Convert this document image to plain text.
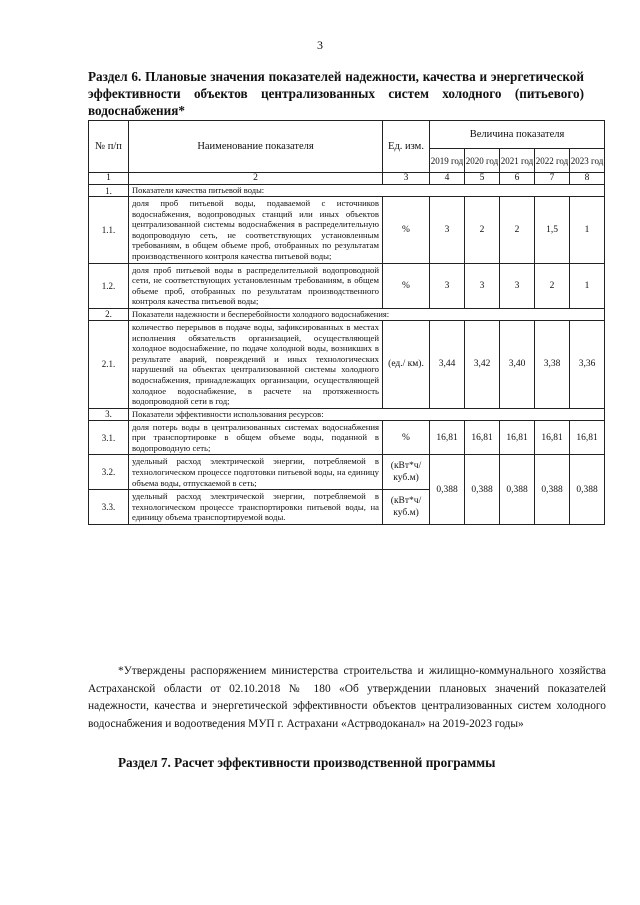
3
Раздел 6. Плановые значения показателей надежности, качества и энергетической эффективности объектов централизованных систем холодного (питьевого) водоснабжения*
№ п/п	Наименование показателя	Ед. изм.	Величина показателя				
			2019 год	2020 год	2021 год	2022 год	2023 год
1	2	3	4	5	6	7	8
1.	Показатели качества питьевой воды:						
1.1.	доля проб питьевой воды, подаваемой с источников водоснабжения, водопроводных станций или иных объектов централизованной системы водоснабжения в распределительную водопроводную сеть, не соответствующих установленным требованиям, в общем объеме проб, отобранных по результатам производственного контроля качества питьевой воды;	%	3	2	2	1,5	1
1.2.	доля проб питьевой воды в распределительной водопроводной сети, не соответствующих установленным требованиям, в общем объеме проб, отобранных по результатам производственного контроля качества питьевой воды;	%	3	3	3	2	1
2.	Показатели надежности и бесперебойности холодного водоснабжения:						
2.1.	количество перерывов в подаче воды, зафиксированных в местах исполнения обязательств организацией, осуществляющей холодное водоснабжение, по подаче холодной воды, возникших в результате аварий, повреждений и иных технологических нарушений на объектах централизованной системы холодного водоснабжения, принадлежащих организации, осуществляющей холодное водоснабжение, в расчете на протяженность водопроводной сети в год;	(ед./ км).	3,44	3,42	3,40	3,38	3,36
3.	Показатели эффективности использования ресурсов:						
3.1.	доля потерь воды в централизованных системах водоснабжения при транспортировке в общем объеме воды, поданной в водопроводную сеть;	%	16,81	16,81	16,81	16,81	16,81
3.2.	удельный расход электрической энергии, потребляемой в технологическом процессе подготовки питьевой воды, на единицу объема воды, отпускаемой в сеть;	(кВт*ч/ куб.м)	0,388	0,388	0,388	0,388	0,388
3.3.	удельный расход электрической энергии, потребляемой в технологическом процессе транспортировки питьевой воды, на единицу объема транспортируемой воды.	(кВт*ч/ куб.м)					
*Утверждены распоряжением министерства строительства и жилищно-коммунального хозяйства Астраханской области от 02.10.2018 № 180 «Об утверждении плановых значений показателей надежности, качества и энергетической эффективности объектов централизованных систем холодного водоснабжения и водоотведения МУП г. Астрахани «Астрводоканал» на 2019-2023 годы»
Раздел 7. Расчет эффективности производственной программы
